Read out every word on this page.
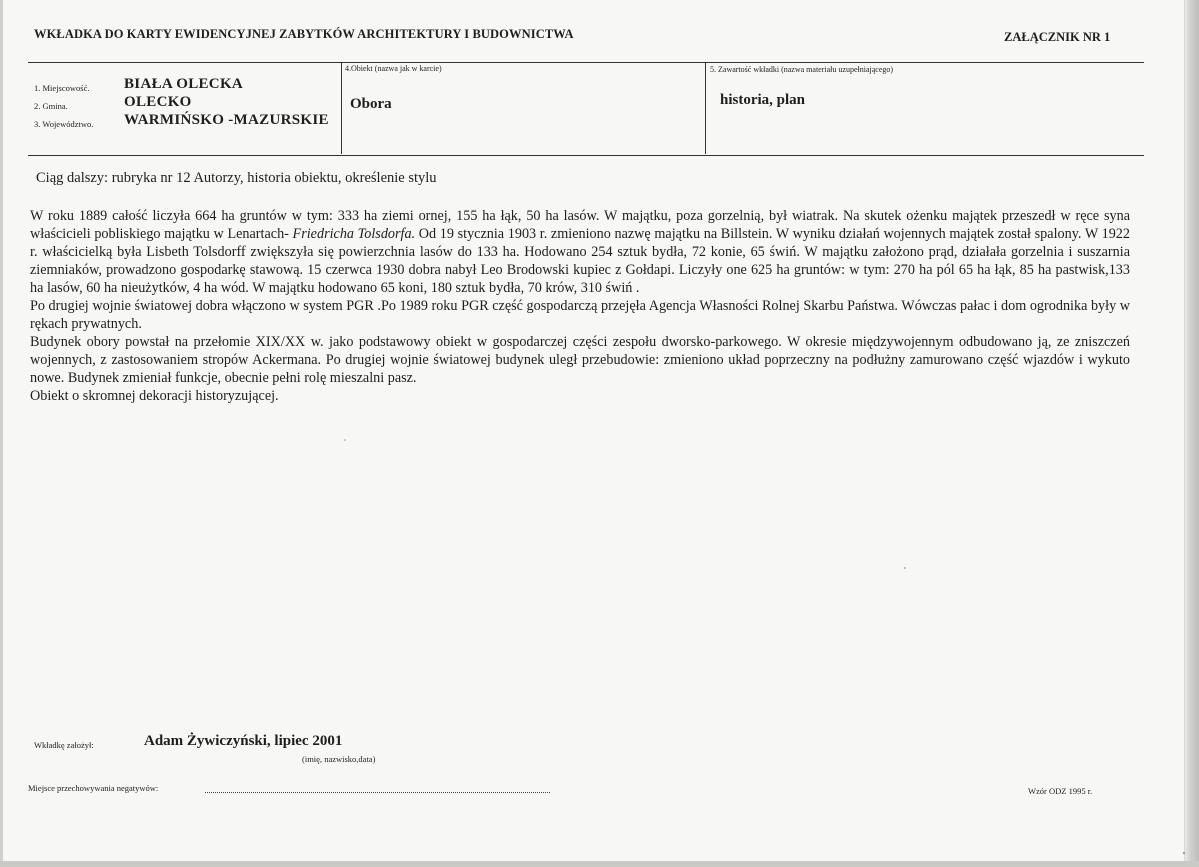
WKŁADKA DO KARTY EWIDENCYJNEJ ZABYTKÓW ARCHITEKTURY I BUDOWNICTWA	ZAŁĄCZNIK NR 1
1. Miejscowość. BIAŁA OLECKA
2. Gmina.	OLECKO
3. Województwo. WARMIŃSKO -MAZURSKIE
4.Obiekt (nazwa jak w karcie)
Obora
5. Zawartość wkładki (nazwa materiału uzupełniającego)
historia, plan
Ciąg dalszy: rubryka nr 12 Autorzy, historia obiektu, określenie stylu

W roku 1889 całość liczyła 664 ha gruntów w tym: 333 ha ziemi ornej, 155 ha łąk, 50 ha lasów. W majątku, poza gorzelnią, był wiatrak. Na skutek ożenku majątek przeszedł w ręce syna właścicieli pobliskiego majątku w Lenartach- Friedricha Tolsdorfa. Od 19 stycznia 1903 r. zmieniono nazwę majątku na Billstein. W wyniku działań wojennych majątek został spalony. W 1922 r. właścicielką była Lisbeth Tolsdorff zwiększyła się powierzchnia lasów do 133 ha. Hodowano 254 sztuk bydła, 72 konie, 65 świń. W majątku założono prąd, działała gorzelnia i suszarnia ziemniaków, prowadzono gospodarkę stawową. 15 czerwca 1930 dobra nabył Leo Brodowski kupiec z Gołdapi. Liczyły one 625 ha gruntów: w tym: 270 ha pól 65 ha łąk, 85 ha pastwisk,133 ha lasów, 60 ha nieużytków, 4 ha wód. W majątku hodowano 65 koni, 180 sztuk bydła, 70 krów, 310 świń .

Po drugiej wojnie światowej dobra włączono w system PGR .Po 1989 roku PGR część gospodarczą przejęła Agencja Własności Rolnej Skarbu Państwa. Wówczas pałac i dom ogrodnika były w rękach prywatnych.

Budynek obory powstał na przełomie XIX/XX w. jako podstawowy obiekt w gospodarczej części zespołu dworsko-parkowego. W okresie międzywojennym odbudowano ją, ze zniszczeń wojennych, z zastosowaniem stropów Ackermana. Po drugiej wojnie światowej budynek uległ przebudowie: zmieniono układ poprzeczny na podłużny zamurowano część wjazdów i wykuto nowe. Budynek zmieniał funkcje, obecnie pełni rolę mieszalni pasz.

Obiekt o skromnej dekoracji historyzującej.

Wkładkę założył:	Adam Żywiczyński, lipiec 2001
(imię, nazwisko,data)
Miejsce przechowywania negatywów:	Wzór ODZ 1995 r.
